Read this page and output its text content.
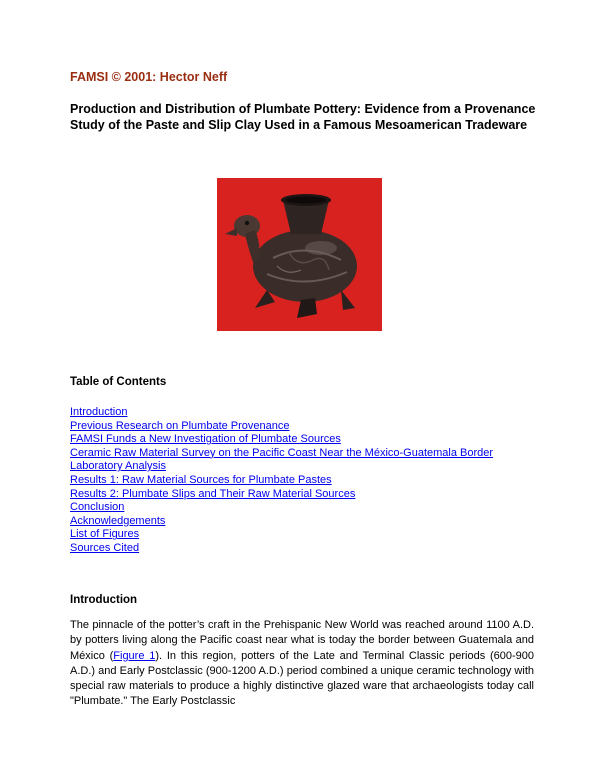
FAMSI © 2001: Hector Neff
Production and Distribution of Plumbate Pottery: Evidence from a Provenance Study of the Paste and Slip Clay Used in a Famous Mesoamerican Tradeware
Table of Contents
Introduction
Previous Research on Plumbate Provenance
FAMSI Funds a New Investigation of Plumbate Sources
Ceramic Raw Material Survey on the Pacific Coast Near the México-Guatemala Border
Laboratory Analysis
Results 1: Raw Material Sources for Plumbate Pastes
Results 2: Plumbate Slips and Their Raw Material Sources
Conclusion
Acknowledgements
List of Figures
Sources Cited
Introduction
The pinnacle of the potter’s craft in the Prehispanic New World was reached around 1100 A.D. by potters living along the Pacific coast near what is today the border between Guatemala and México (Figure 1). In this region, potters of the Late and Terminal Classic periods (600-900 A.D.) and Early Postclassic (900-1200 A.D.) period combined a unique ceramic technology with special raw materials to produce a highly distinctive glazed ware that archaeologists today call "Plumbate." The Early Postclassic
